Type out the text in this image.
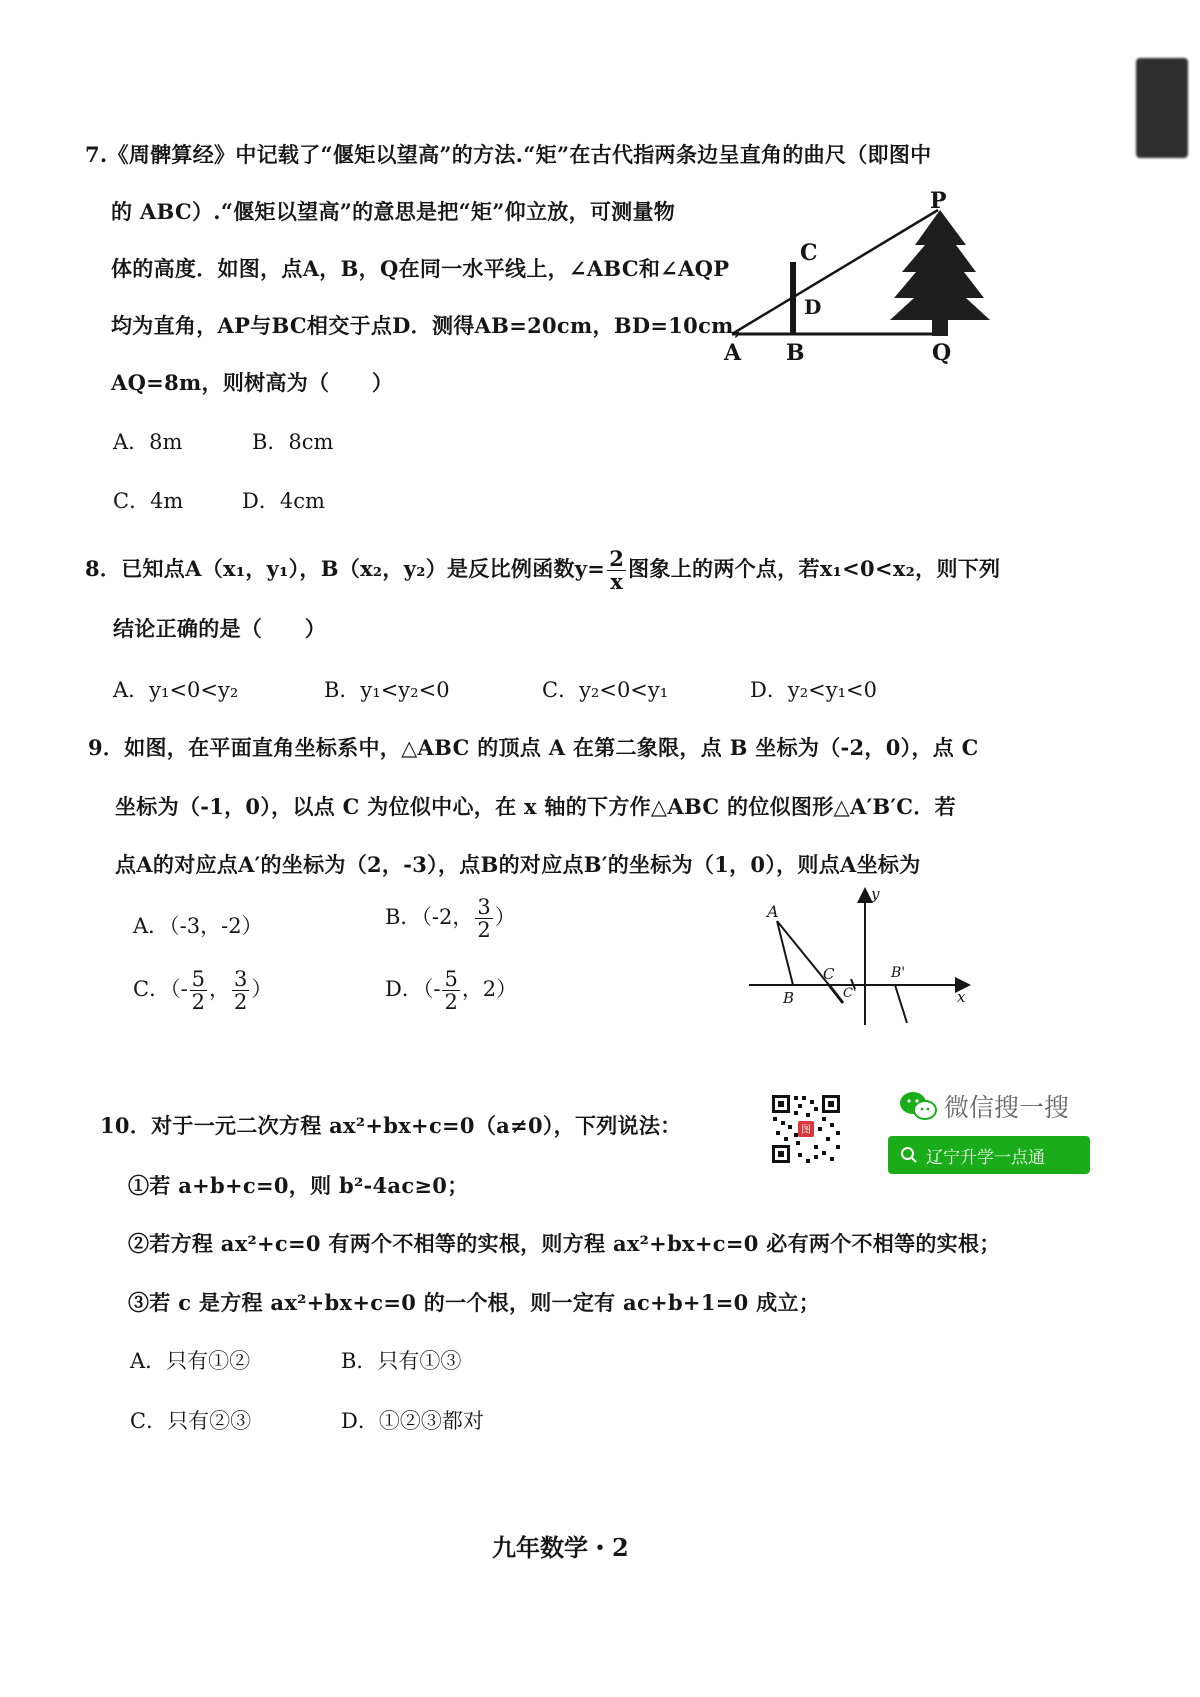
7.《周髀算经》中记载了“偃矩以望高”的方法.“矩”在古代指两条边呈直角的曲尺（即图中
的 ABC）.“偃矩以望高”的意思是把“矩”仰立放，可测量物
体的高度．如图，点A，B，Q在同一水平线上，∠ABC和∠AQP
均为直角，AP与BC相交于点D．测得AB=20cm，BD=10cm，
AQ=8m，则树高为（　　）
A．8m	B．8cm
C．4m	D．4cm
P
C
D
A B	Q
8．已知点A（x₁，y₁），B（x₂，y₂）是反比例函数$y= \frac{2}{x}$ 图象上的两个点，若x₁<0<x₂，则下列
结论正确的是（　　）
A．y₁<0<y₂	B．y₁<y₂<0	C．y₂<0<y₁	D．y₂<y₁<0
9．如图，在平面直角坐标系中，△ABC 的顶点 A 在第二象限，点 B 坐标为（-2，0），点 C
坐标为（-1，0），以点 C 为位似中心，在 x 轴的下方作△ABC 的位似图形△A′B′C．若
点A的对应点A′的坐标为（2，-3），点B的对应点B′的坐标为（1，0），则点A坐标为
A．（-3，-2）	B．（-2， $\frac{3}{2}$ ）
C．（- $\frac{5}{2}$ ， $\frac{3}{2}$ ）	D．（- $\frac{5}{2}$ ，2）
A
B
C
C'
B'
x
y
图
微信搜一搜
辽宁升学一点通
10．对于一元二次方程 ax²+bx+c=0（a≠0），下列说法：
①若 a+b+c=0，则 b²-4ac≥0；
②若方程 ax²+c=0 有两个不相等的实根，则方程 ax²+bx+c=0 必有两个不相等的实根；
③若 c 是方程 ax²+bx+c=0 的一个根，则一定有 ac+b+1=0 成立；
A．只有①②	B．只有①③
C．只有②③	D．①②③都对
九年数学・2
